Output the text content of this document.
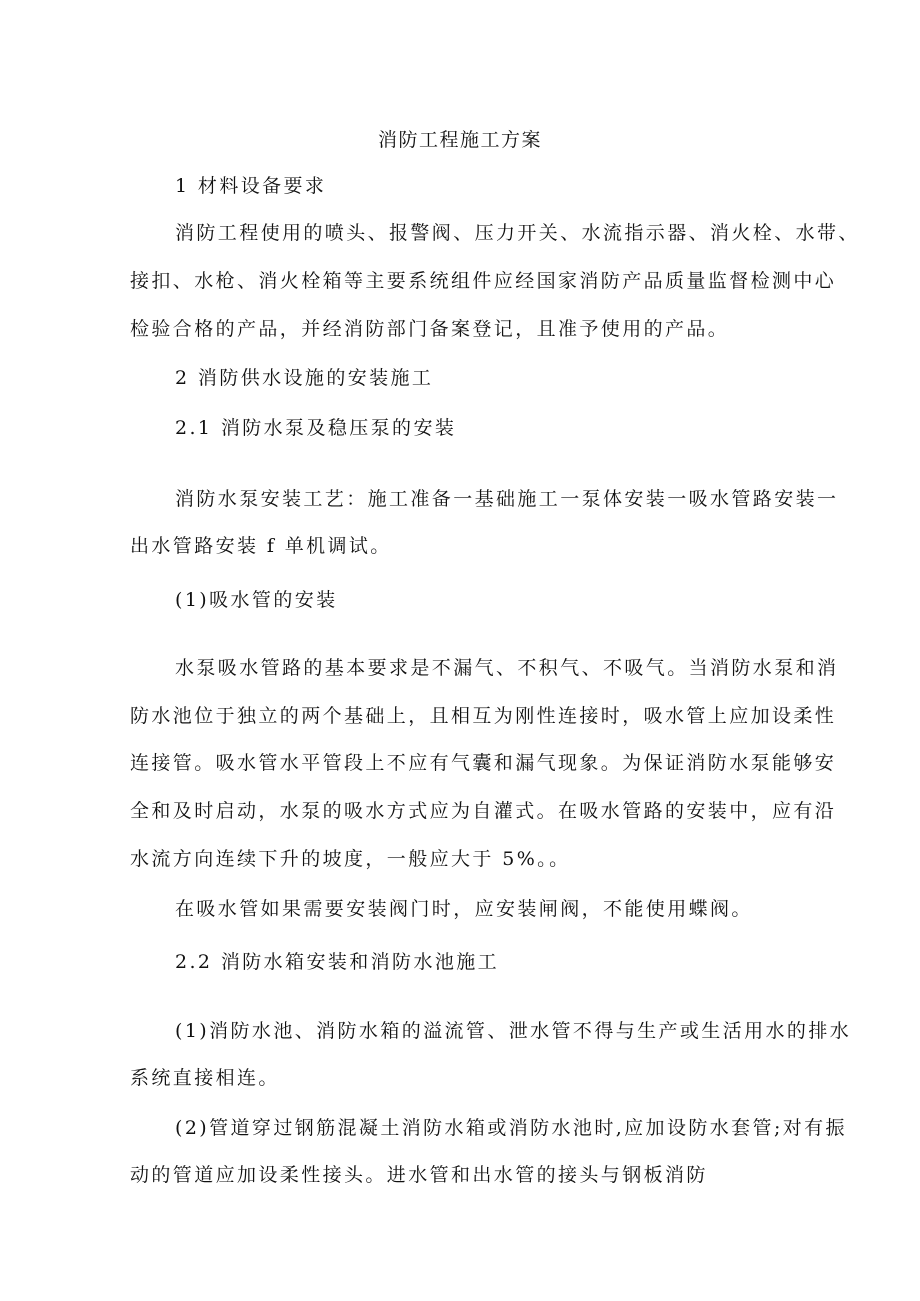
消防工程施工方案
1 材料设备要求
消防工程使用的喷头、报警阀、压力开关、水流指示器、消火栓、水带、
接扣、水枪、消火栓箱等主要系统组件应经国家消防产品质量监督检测中心
检验合格的产品，并经消防部门备案登记，且准予使用的产品。
2 消防供水设施的安装施工
2.1 消防水泵及稳压泵的安装
消防水泵安装工艺：施工准备一基础施工一泵体安装一吸水管路安装一
出水管路安装 f 单机调试。
(1)吸水管的安装
水泵吸水管路的基本要求是不漏气、不积气、不吸气。当消防水泵和消
防水池位于独立的两个基础上，且相互为刚性连接时，吸水管上应加设柔性
连接管。吸水管水平管段上不应有气囊和漏气现象。为保证消防水泵能够安
全和及时启动，水泵的吸水方式应为自灌式。在吸水管路的安装中，应有沿
水流方向连续下升的坡度，一般应大于 5%。。
在吸水管如果需要安装阀门时，应安装闸阀，不能使用蝶阀。
2.2 消防水箱安装和消防水池施工
(1)消防水池、消防水箱的溢流管、泄水管不得与生产或生活用水的排水
系统直接相连。
(2)管道穿过钢筋混凝土消防水箱或消防水池时,应加设防水套管;对有振
动的管道应加设柔性接头。进水管和出水管的接头与钢板消防
